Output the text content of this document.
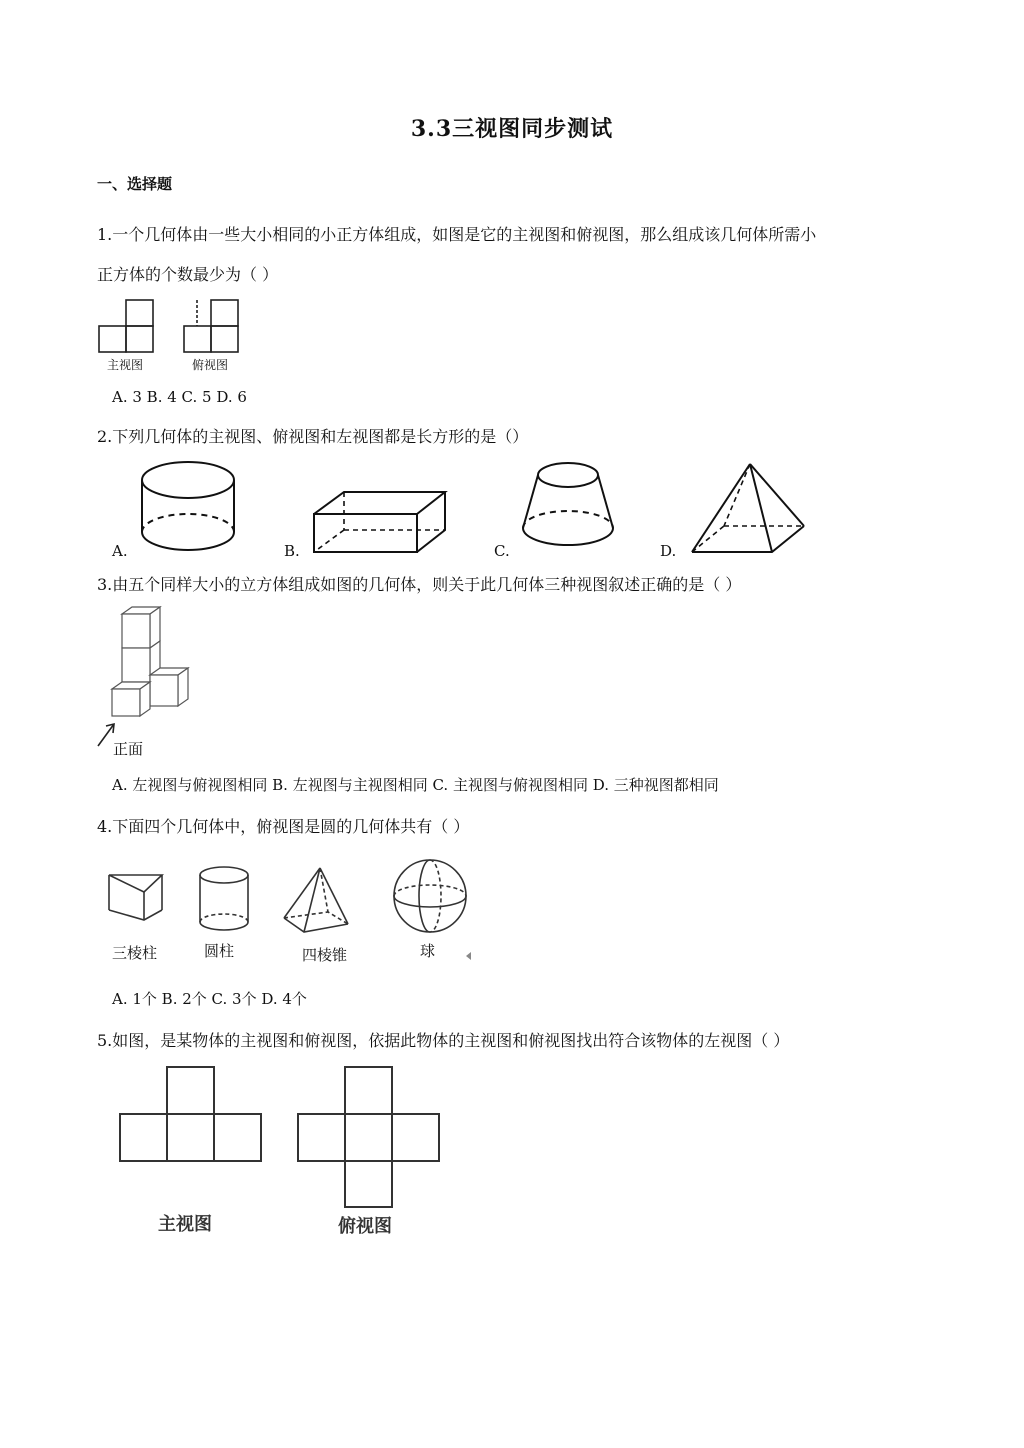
3.3三视图同步测试
一、选择题
1.一个几何体由一些大小相同的小正方体组成，如图是它的主视图和俯视图，那么组成该几何体所需小
正方体的个数最少为（ ）
主视图	俯视图
A. 3 B. 4 C. 5 D. 6
2.下列几何体的主视图、俯视图和左视图都是长方形的是（）
A.	B.	C.	D.
3.由五个同样大小的立方体组成如图的几何体，则关于此几何体三种视图叙述正确的是（ ）
正面
A. 左视图与俯视图相同 B. 左视图与主视图相同 C. 主视图与俯视图相同 D. 三种视图都相同
4.下面四个几何体中，俯视图是圆的几何体共有（ ）
三棱柱	圆柱	四棱锥	球
A. 1个 B. 2个 C. 3个 D. 4个
5.如图，是某物体的主视图和俯视图，依据此物体的主视图和俯视图找出符合该物体的左视图（ ）
主视图	俯视图
